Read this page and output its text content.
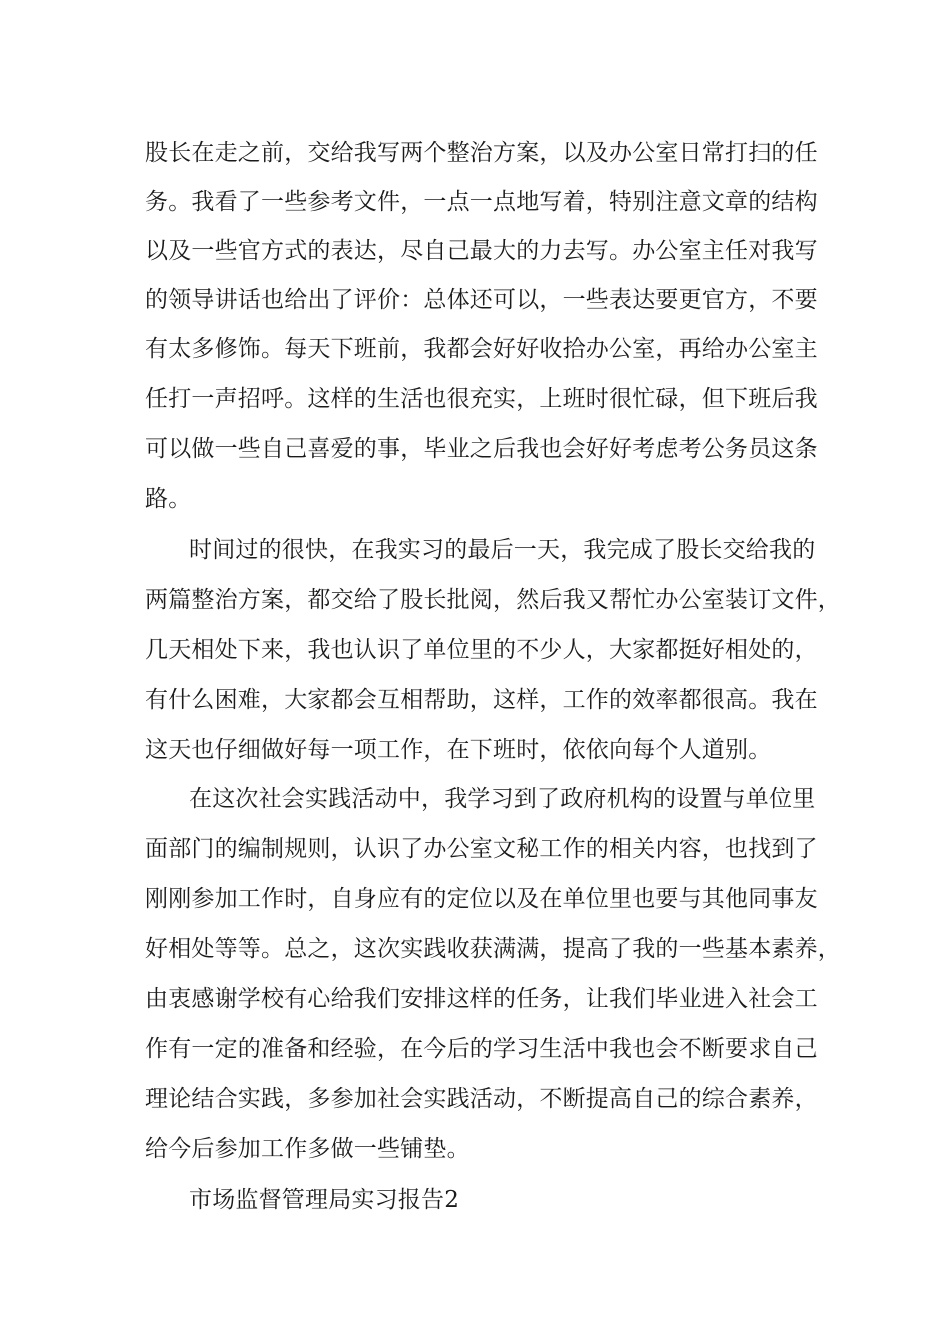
股长在走之前，交给我写两个整治方案，以及办公室日常打扫的任
务。我看了一些参考文件，一点一点地写着，特别注意文章的结构
以及一些官方式的表达，尽自己最大的力去写。办公室主任对我写
的领导讲话也给出了评价：总体还可以，一些表达要更官方，不要
有太多修饰。每天下班前，我都会好好收拾办公室，再给办公室主
任打一声招呼。这样的生活也很充实，上班时很忙碌，但下班后我
可以做一些自己喜爱的事，毕业之后我也会好好考虑考公务员这条
路。
时间过的很快，在我实习的最后一天，我完成了股长交给我的
两篇整治方案，都交给了股长批阅，然后我又帮忙办公室装订文件，
几天相处下来，我也认识了单位里的不少人，大家都挺好相处的，
有什么困难，大家都会互相帮助，这样，工作的效率都很高。我在
这天也仔细做好每一项工作，在下班时，依依向每个人道别。
在这次社会实践活动中，我学习到了政府机构的设置与单位里
面部门的编制规则，认识了办公室文秘工作的相关内容，也找到了
刚刚参加工作时，自身应有的定位以及在单位里也要与其他同事友
好相处等等。总之，这次实践收获满满，提高了我的一些基本素养，
由衷感谢学校有心给我们安排这样的任务，让我们毕业进入社会工
作有一定的准备和经验，在今后的学习生活中我也会不断要求自己
理论结合实践，多参加社会实践活动，不断提高自己的综合素养，
给今后参加工作多做一些铺垫。
市场监督管理局实习报告2
